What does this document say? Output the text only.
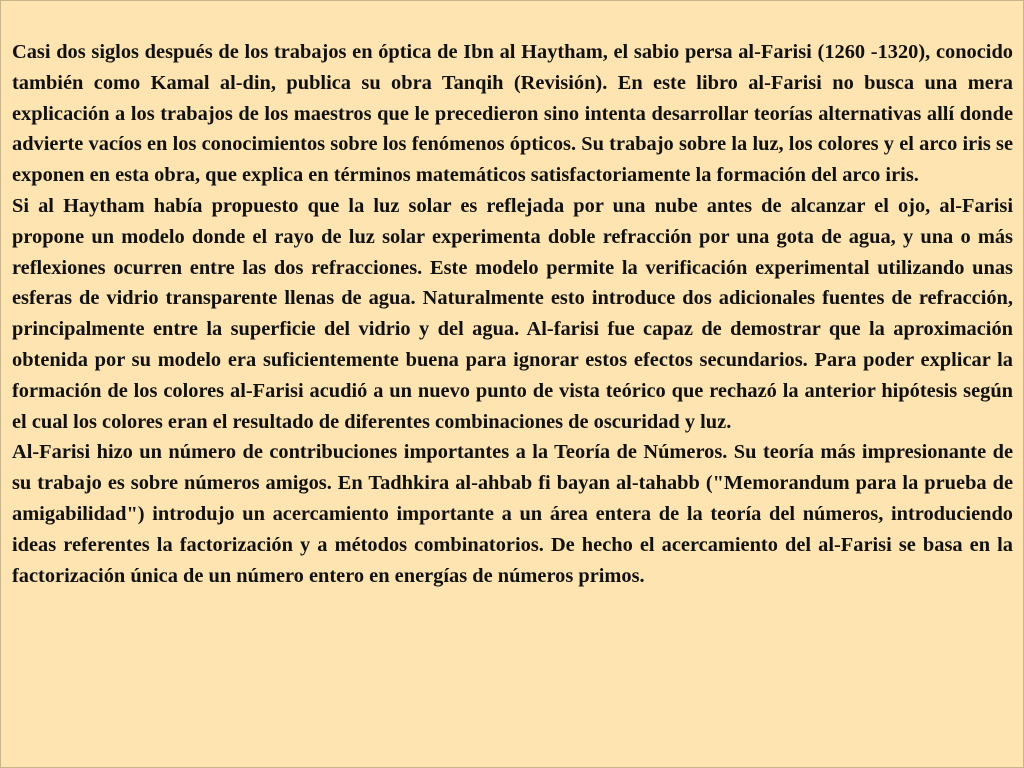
Casi dos siglos después de los trabajos en óptica de Ibn al Haytham, el sabio persa al-Farisi (1260 -1320), conocido también como Kamal al-din, publica su obra Tanqih (Revisión). En este libro al-Farisi no busca una mera explicación a los trabajos de los maestros que le precedieron sino intenta desarrollar teorías alternativas allí donde advierte vacíos en los conocimientos sobre los fenómenos ópticos. Su trabajo sobre la luz, los colores y el arco iris se exponen en esta obra, que explica en términos matemáticos satisfactoriamente la formación del arco iris.

Si al Haytham había propuesto que la luz solar es reflejada por una nube antes de alcanzar el ojo, al-Farisi propone un modelo donde el rayo de luz solar experimenta doble refracción por una gota de agua, y una o más reflexiones ocurren entre las dos refracciones. Este modelo permite la verificación experimental utilizando unas esferas de vidrio transparente llenas de agua. Naturalmente esto introduce dos adicionales fuentes de refracción, principalmente entre la superficie del vidrio y del agua. Al-farisi fue capaz de demostrar que la aproximación obtenida por su modelo era suficientemente buena para ignorar estos efectos secundarios. Para poder explicar la formación de los colores al-Farisi acudió a un nuevo punto de vista teórico que rechazó la anterior hipótesis según el cual los colores eran el resultado de diferentes combinaciones de oscuridad y luz.

Al-Farisi hizo un número de contribuciones importantes a la Teoría de Números. Su teoría más impresionante de su trabajo es sobre números amigos. En Tadhkira al-ahbab fi bayan al-tahabb ("Memorandum para la prueba de amigabilidad") introdujo un acercamiento importante a un área entera de la teoría del números, introduciendo ideas referentes la factorización y a métodos combinatorios. De hecho el acercamiento del al-Farisi se basa en la factorización única de un número entero en energías de números primos.
